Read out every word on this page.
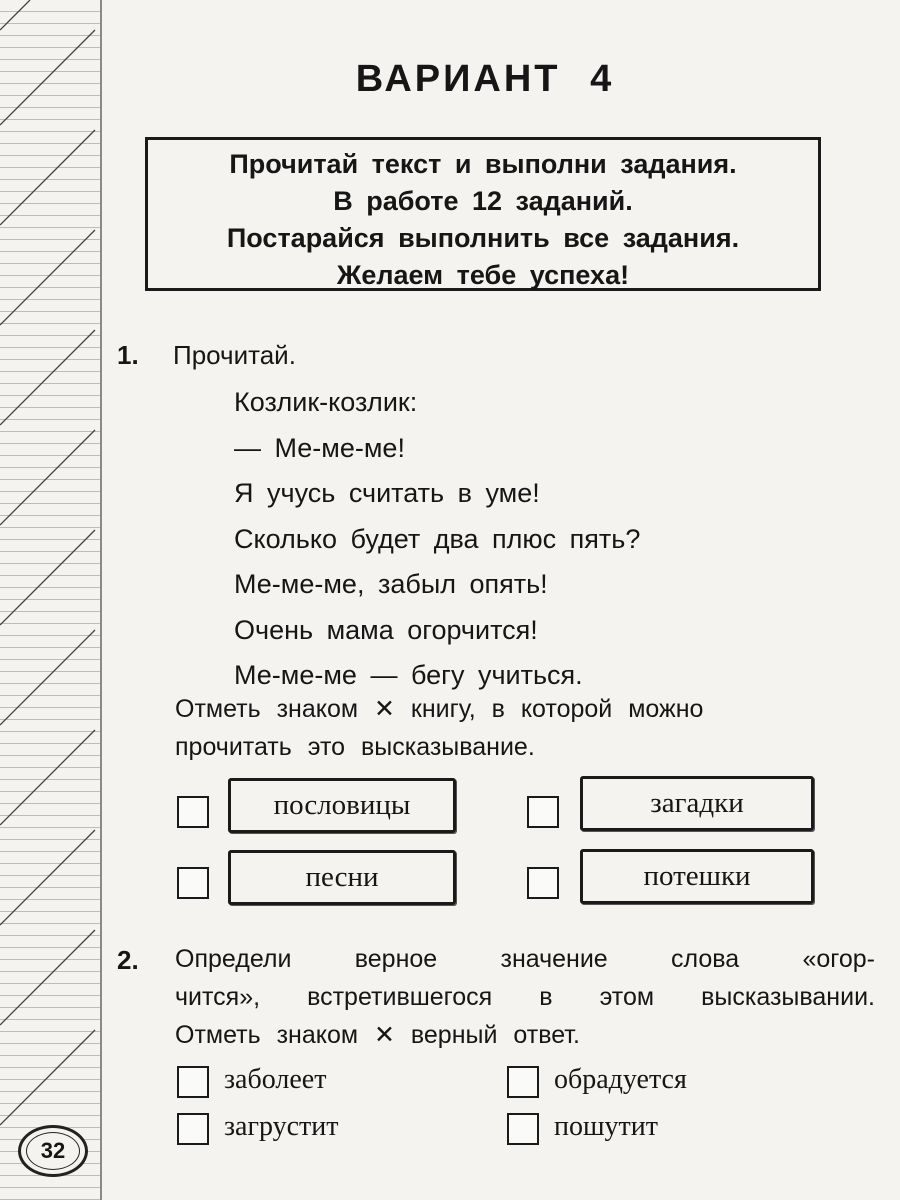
ВАРИАНТ 4
Прочитай текст и выполни задания.
В работе 12 заданий.
Постарайся выполнить все задания.
Желаем тебе успеха!
1. Прочитай.
Козлик-козлик:
— Ме-ме-ме!
Я учусь считать в уме!
Сколько будет два плюс пять?
Ме-ме-ме, забыл опять!
Очень мама огорчится!
Ме-ме-ме — бегу учиться.
Отметь знаком ✕ книгу, в которой можно
прочитать это высказывание.
пословицы	загадки
песни	потешки
2. Определи верное значение слова «огор-
чится», встретившегося в этом высказывании.
Отметь знаком ✕ верный ответ.
заболеет	обрадуется
загрустит	пошутит
32
